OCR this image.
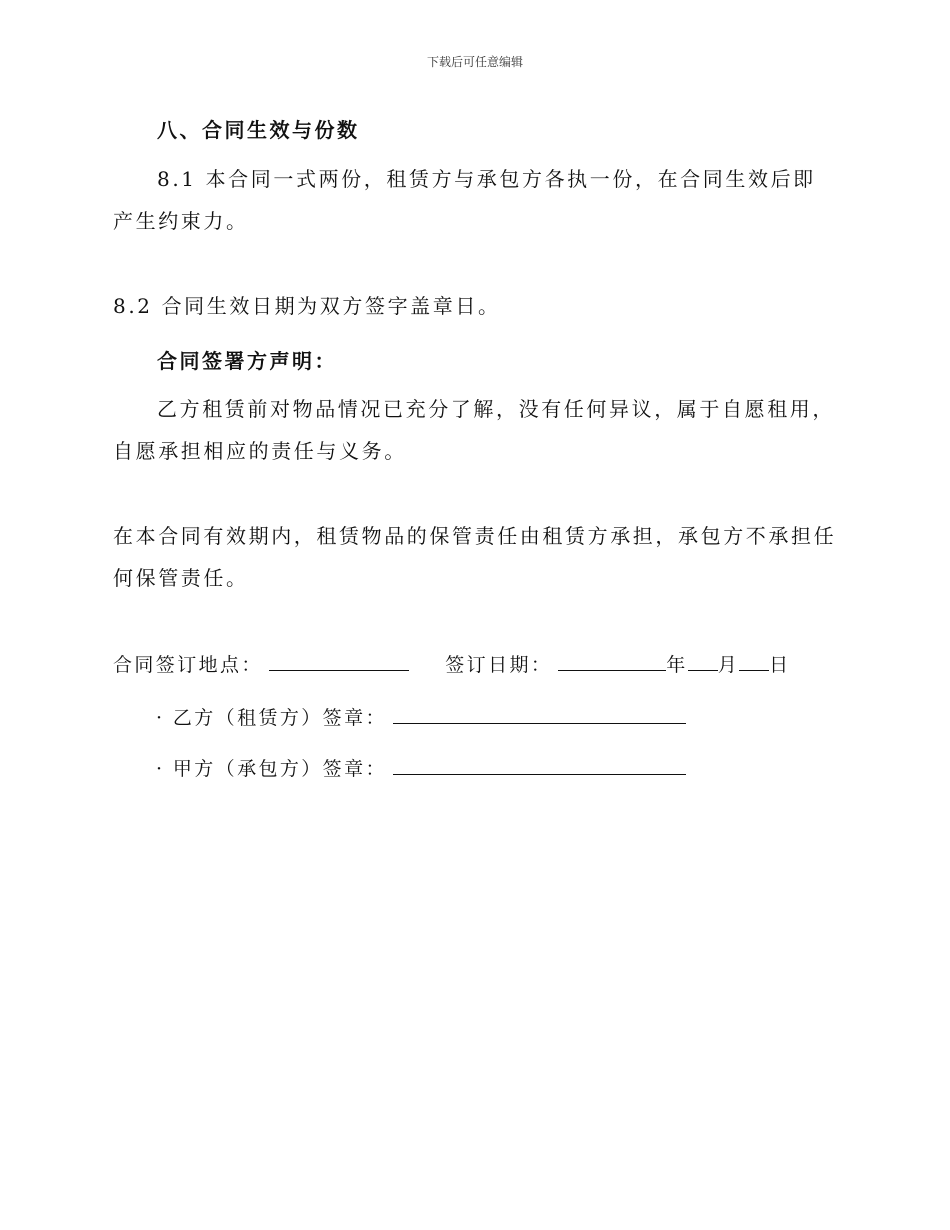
下载后可任意编辑
八、合同生效与份数
8.1 本合同一式两份，租赁方与承包方各执一份，在合同生效后即产生约束力。
8.2 合同生效日期为双方签字盖章日。
合同签署方声明：
乙方租赁前对物品情况已充分了解，没有任何异议，属于自愿租用，自愿承担相应的责任与义务。
在本合同有效期内，租赁物品的保管责任由租赁方承担，承包方不承担任何保管责任。
合同签订地点：	签订日期：	年 月 日
· 乙方（租赁方）签章：
· 甲方（承包方）签章：
